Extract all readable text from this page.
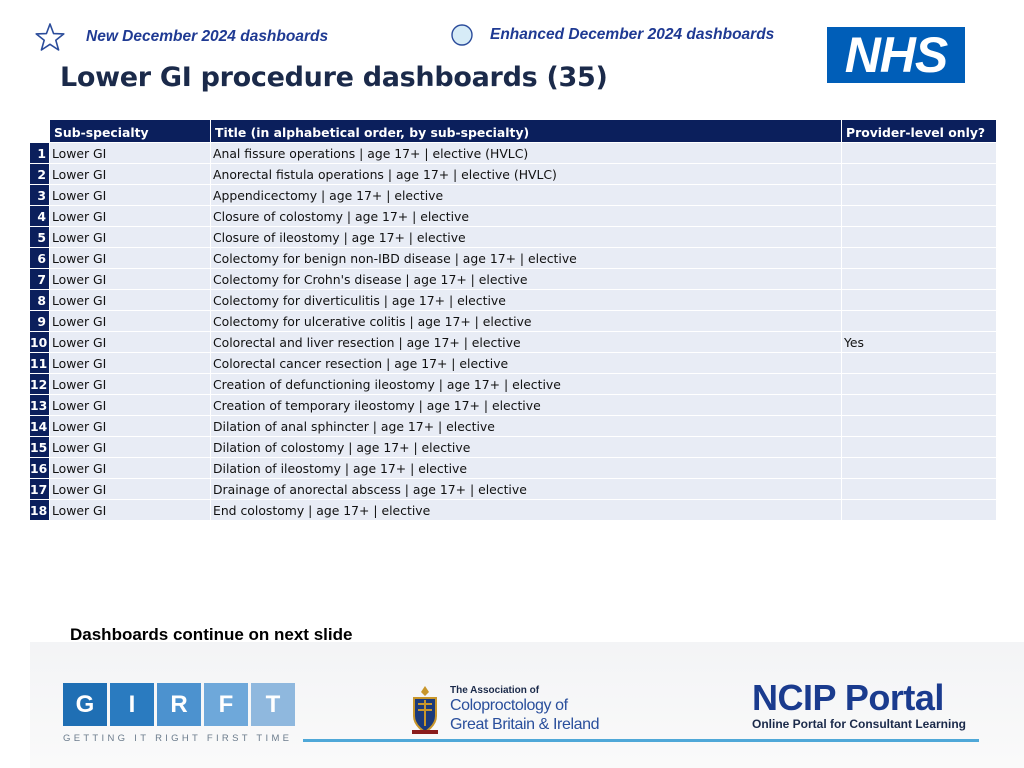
New December 2024 dashboards	Enhanced December 2024 dashboards NHS
Lower GI procedure dashboards (35)
	Sub-specialty	Title (in alphabetical order, by sub-specialty)	Provider-level only?
1	Lower GI	Anal fissure operations | age 17+ | elective (HVLC)	
2	Lower GI	Anorectal fistula operations | age 17+ | elective (HVLC)	
3	Lower GI	Appendicectomy | age 17+ | elective	
4	Lower GI	Closure of colostomy | age 17+ | elective	
5	Lower GI	Closure of ileostomy | age 17+ | elective	
6	Lower GI	Colectomy for benign non-IBD disease | age 17+ | elective	
7	Lower GI	Colectomy for Crohn's disease | age 17+ | elective	
8	Lower GI	Colectomy for diverticulitis | age 17+ | elective	
9	Lower GI	Colectomy for ulcerative colitis | age 17+ | elective	
10	Lower GI	Colorectal and liver resection | age 17+ | elective	Yes
11	Lower GI	Colorectal cancer resection | age 17+ | elective	
12	Lower GI	Creation of defunctioning ileostomy | age 17+ | elective	
13	Lower GI	Creation of temporary ileostomy | age 17+ | elective	
14	Lower GI	Dilation of anal sphincter | age 17+ | elective	
15	Lower GI	Dilation of colostomy | age 17+ | elective	
16	Lower GI	Dilation of ileostomy | age 17+ | elective	
17	Lower GI	Drainage of anorectal abscess | age 17+ | elective	
18	Lower GI	End colostomy | age 17+ | elective	
Dashboards continue on next slide
G	I	R	F	T
GETTING IT RIGHT FIRST TIME
The Association of
Coloproctology of
Great Britain & Ireland
NCIP Portal
Online Portal for Consultant Learning
